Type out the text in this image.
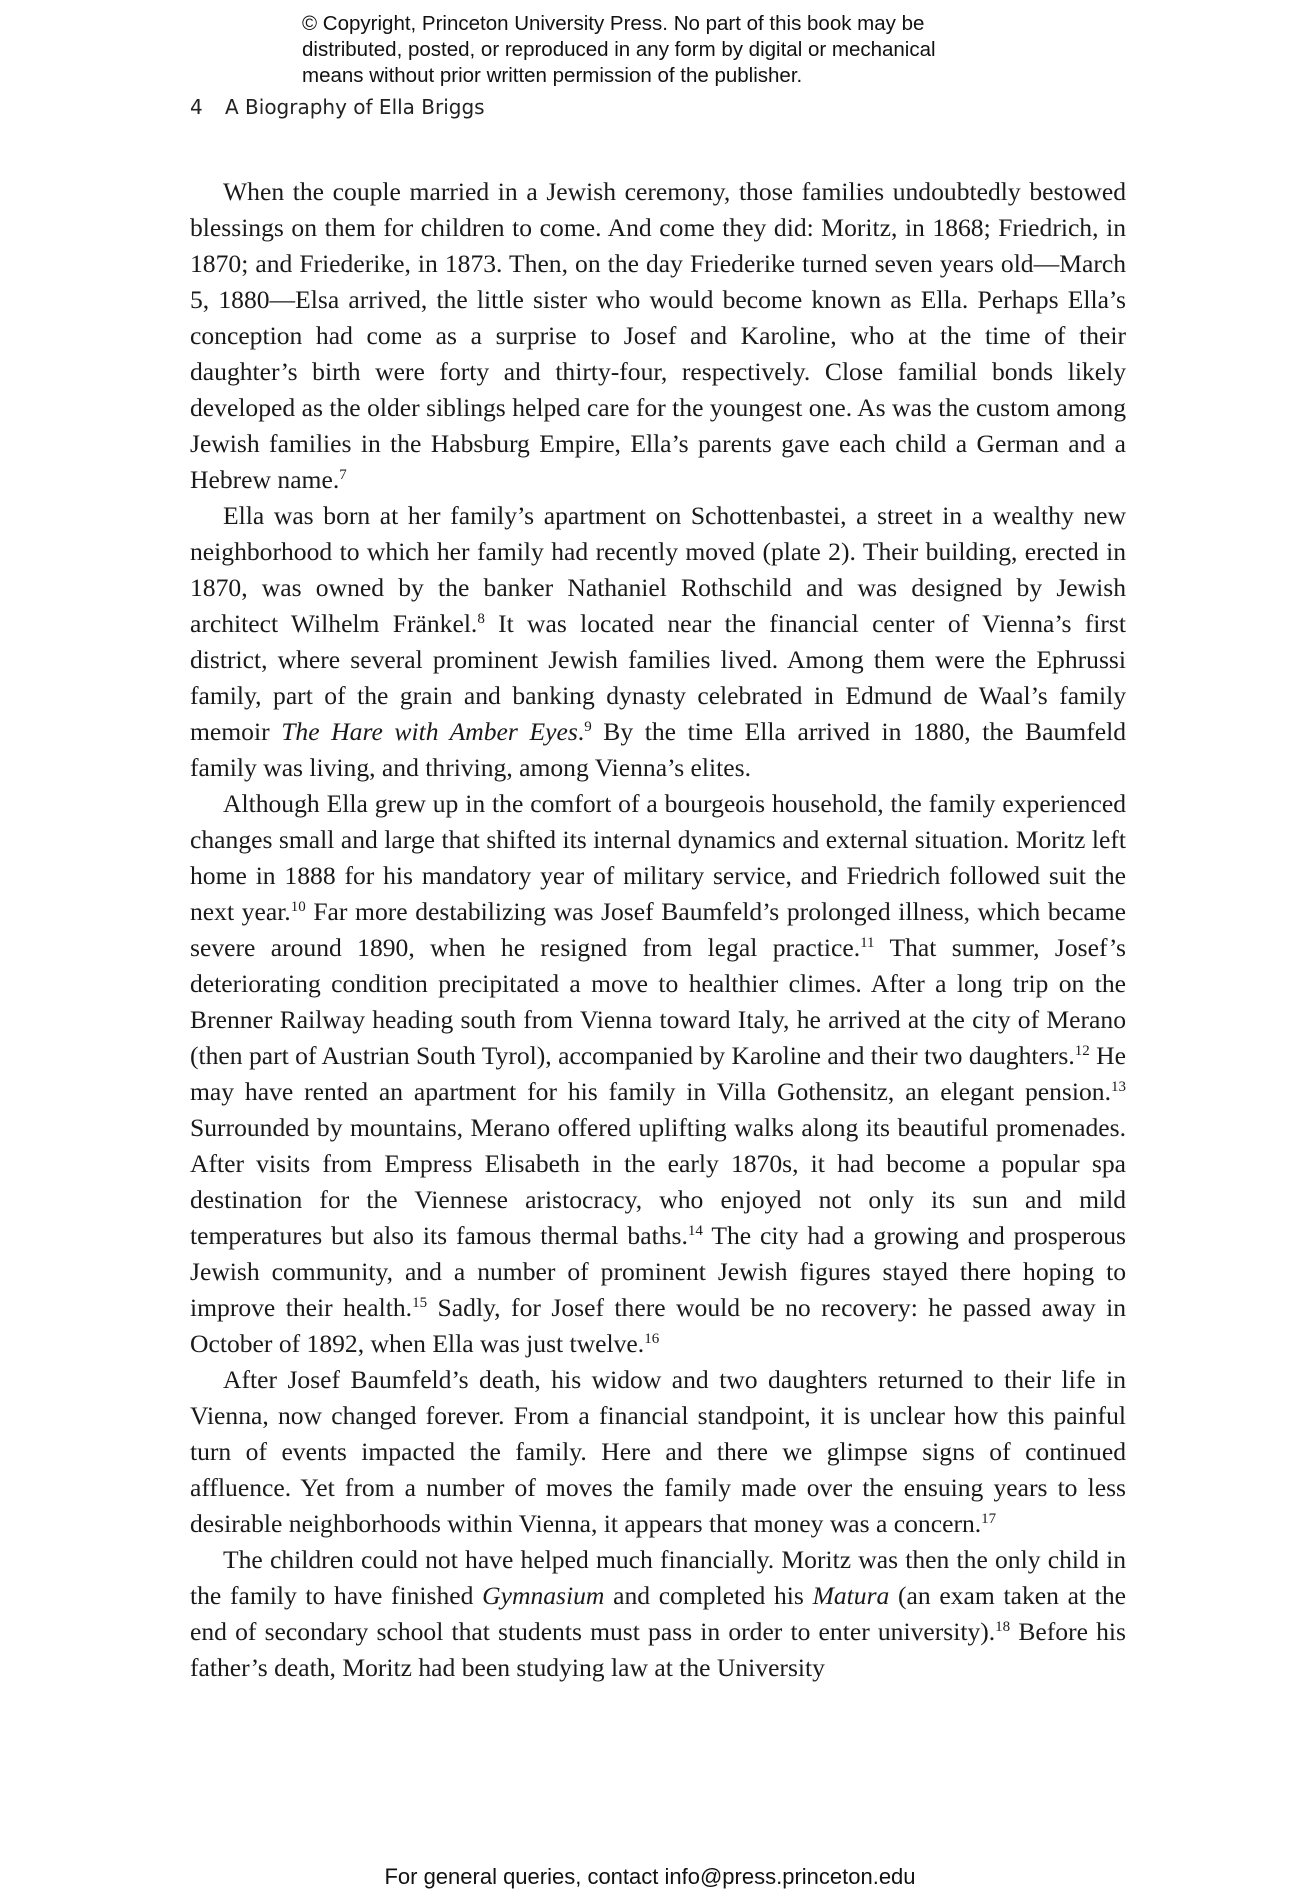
© Copyright, Princeton University Press. No part of this book may be
distributed, posted, or reproduced in any form by digital or mechanical
means without prior written permission of the publisher.
4 A Biography of Ella Briggs

When the couple married in a Jewish ceremony, those families undoubtedly bestowed blessings on them for children to come. And come they did: Moritz, in 1868; Friedrich, in 1870; and Friederike, in 1873. Then, on the day Friederike turned seven years old—March 5, 1880—Elsa arrived, the little sister who would become known as Ella. Perhaps Ella’s conception had come as a surprise to Josef and Karoline, who at the time of their daughter’s birth were forty and thirty-four, respectively. Close familial bonds likely developed as the older siblings helped care for the youngest one. As was the custom among Jewish families in the Habsburg Empire, Ella’s parents gave each child a German and a Hebrew name.$^7$

Ella was born at her family’s apartment on Schottenbastei, a street in a wealthy new neighborhood to which her family had recently moved (plate 2). Their building, erected in 1870, was owned by the banker Nathaniel Rothschild and was designed by Jewish architect Wilhelm Fränkel.$^8$ It was located near the financial center of Vienna’s first district, where several prominent Jewish families lived. Among them were the Ephrussi family, part of the grain and banking dynasty celebrated in Edmund de Waal’s family memoir The Hare with Amber Eyes.$^9$ By the time Ella arrived in 1880, the Baumfeld family was living, and thriving, among Vienna’s elites.

Although Ella grew up in the comfort of a bourgeois household, the family experienced changes small and large that shifted its internal dynamics and external situation. Moritz left home in 1888 for his mandatory year of military service, and Friedrich followed suit the next year.$^{10}$ Far more destabilizing was Josef Baumfeld’s prolonged illness, which became severe around 1890, when he resigned from legal practice.$^{11}$ That summer, Josef’s deteriorating condition precipitated a move to healthier climes. After a long trip on the Brenner Railway heading south from Vienna toward Italy, he arrived at the city of Merano (then part of Austrian South Tyrol), accompanied by Karoline and their two daughters.$^{12}$ He may have rented an apartment for his family in Villa Gothensitz, an elegant pension.$^{13}$ Surrounded by mountains, Merano offered uplifting walks along its beautiful promenades. After visits from Empress Elisabeth in the early 1870s, it had become a popular spa destination for the Viennese aristocracy, who enjoyed not only its sun and mild temperatures but also its famous thermal baths.$^{14}$ The city had a growing and prosperous Jewish community, and a number of prominent Jewish figures stayed there hoping to improve their health.$^{15}$ Sadly, for Josef there would be no recovery: he passed away in October of 1892, when Ella was just twelve.$^{16}$

After Josef Baumfeld’s death, his widow and two daughters returned to their life in Vienna, now changed forever. From a financial standpoint, it is unclear how this painful turn of events impacted the family. Here and there we glimpse signs of continued affluence. Yet from a number of moves the family made over the ensuing years to less desirable neighborhoods within Vienna, it appears that money was a concern.$^{17}$

The children could not have helped much financially. Moritz was then the only child in the family to have finished Gymnasium and completed his Matura (an exam taken at the end of secondary school that students must pass in order to enter university).$^{18}$ Before his father’s death, Moritz had been studying law at the University

For general queries, contact info@press.princeton.edu
